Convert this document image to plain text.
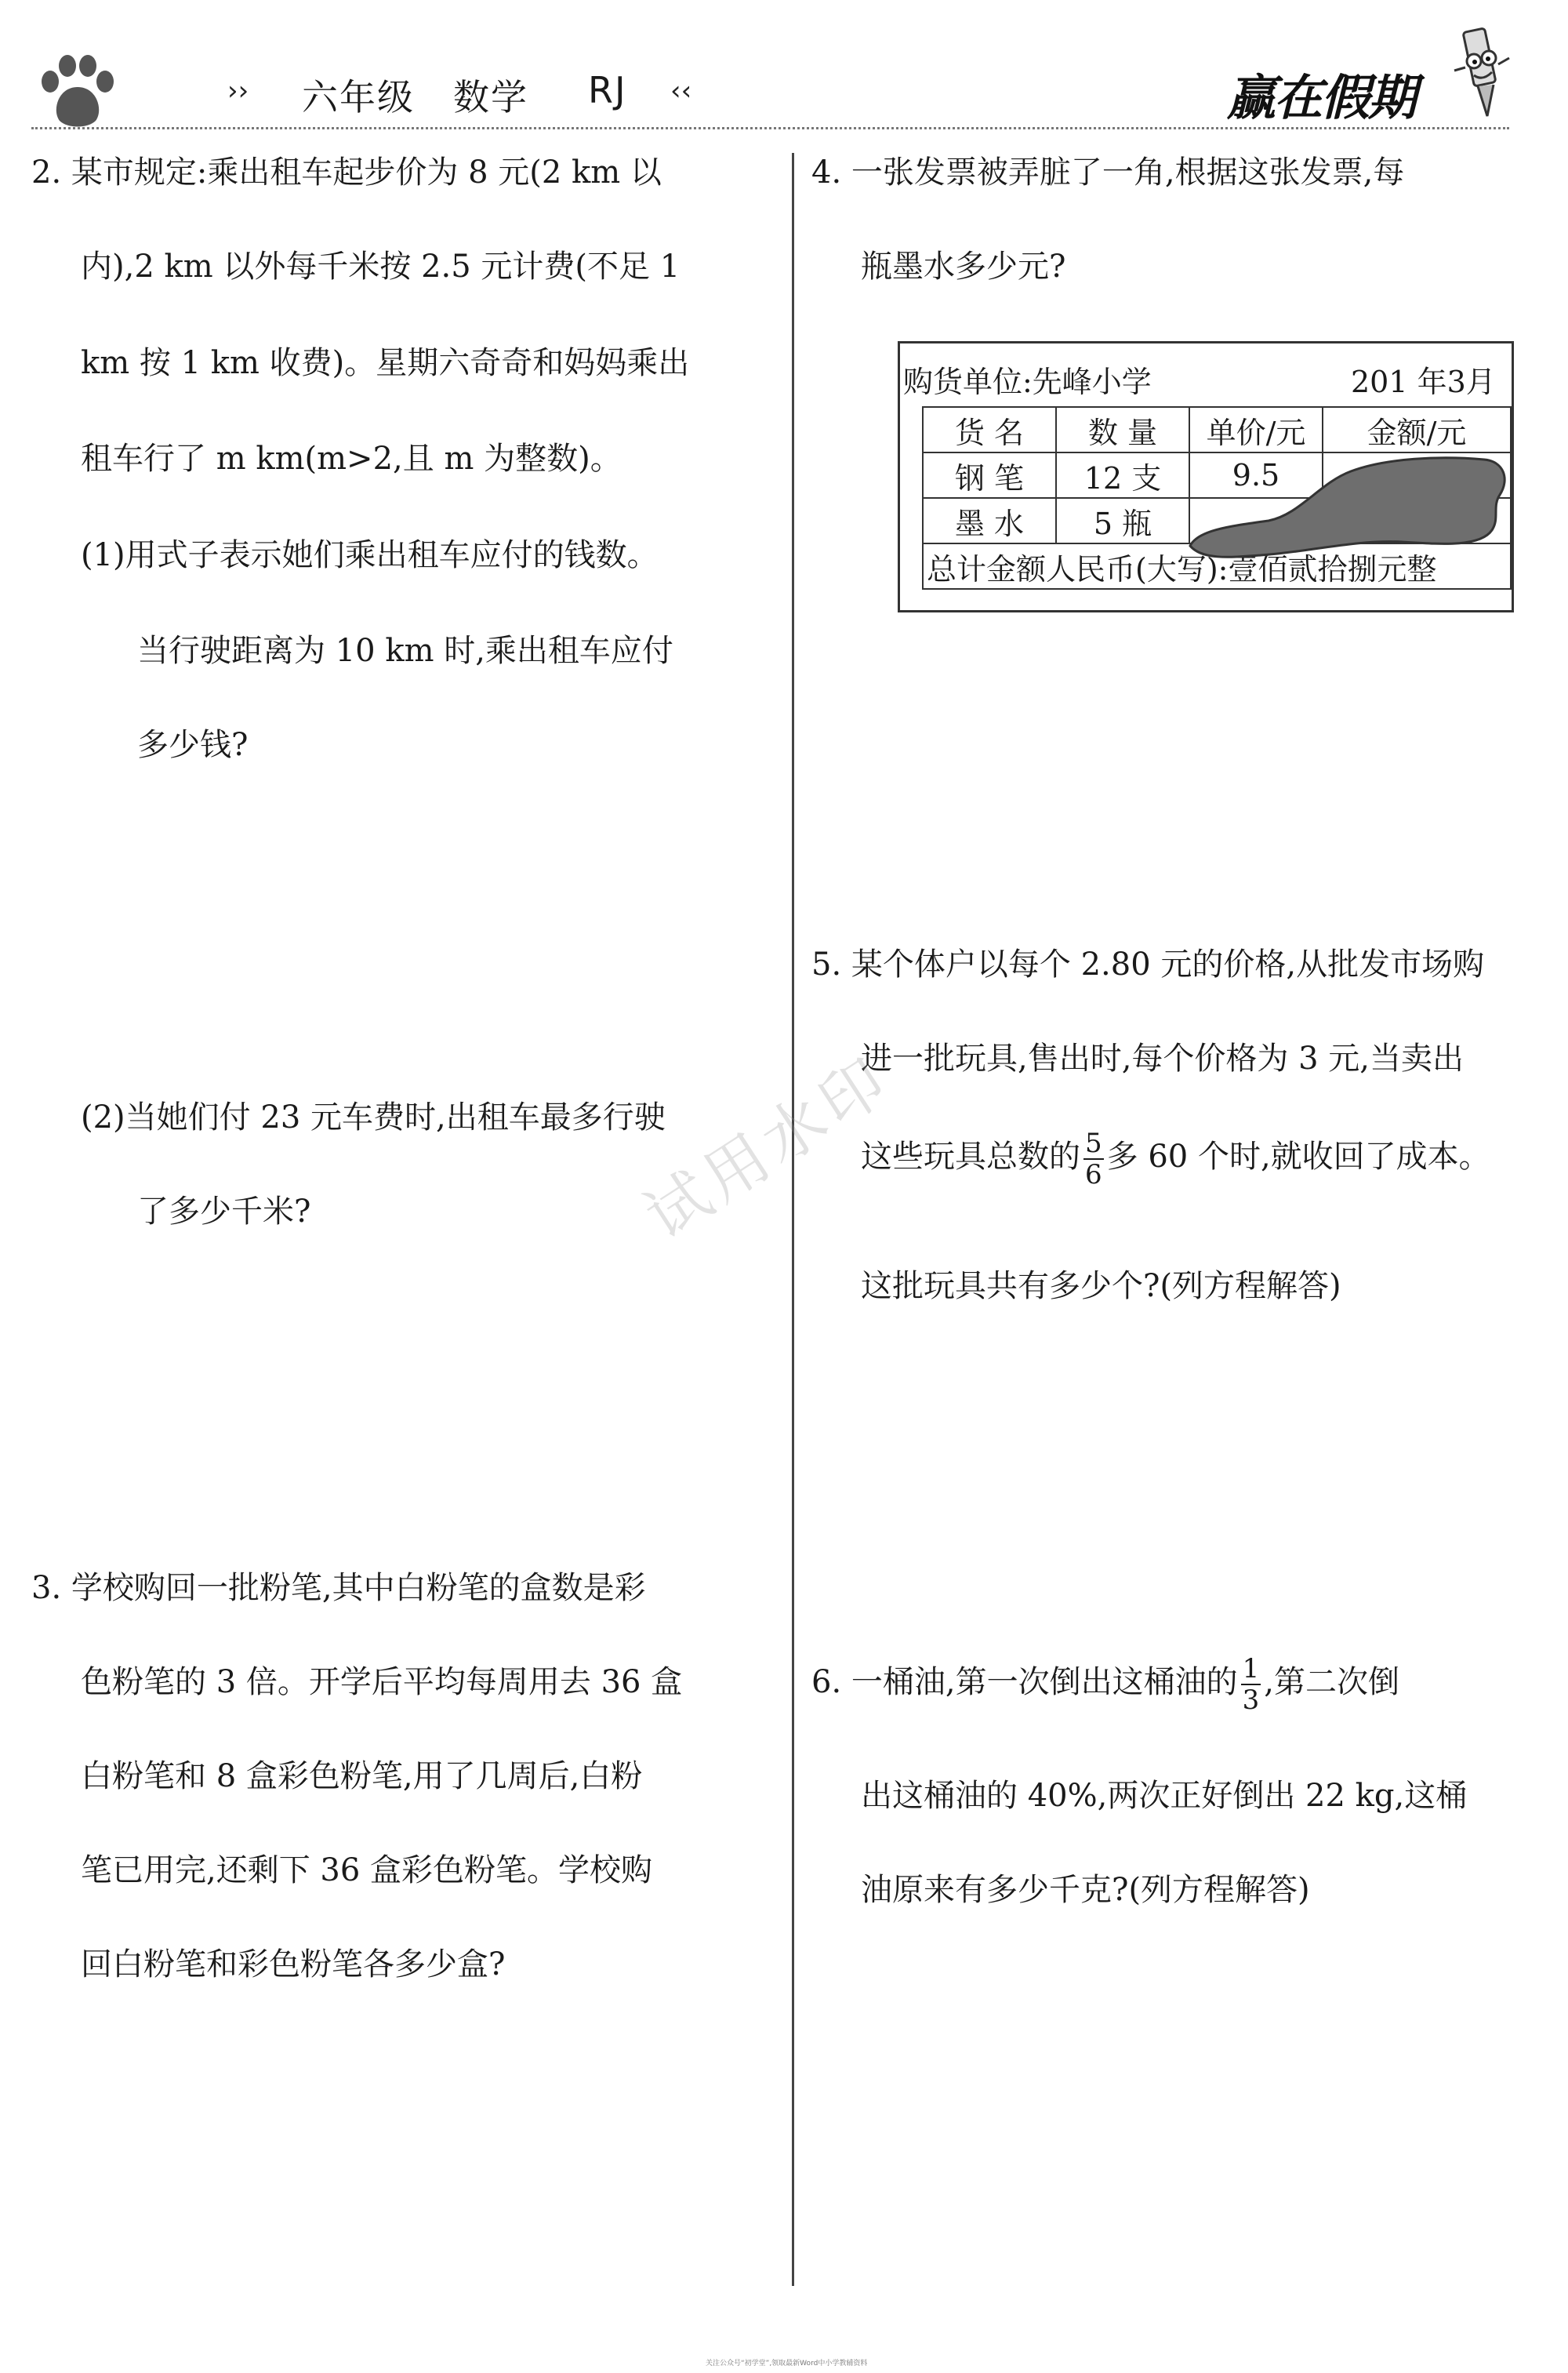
›› 六年级 数学 RJ ‹‹	赢在假期
2. 某市规定:乘出租车起步价为 8 元(2 km 以
内),2 km 以外每千米按 2.5 元计费(不足 1
km 按 1 km 收费)。星期六奇奇和妈妈乘出
租车行了 m km(m>2,且 m 为整数)。
(1)用式子表示她们乘出租车应付的钱数。
当行驶距离为 10 km 时,乘出租车应付
多少钱?
(2)当她们付 23 元车费时,出租车最多行驶
了多少千米?
3. 学校购回一批粉笔,其中白粉笔的盒数是彩
色粉笔的 3 倍。开学后平均每周用去 36 盒
白粉笔和 8 盒彩色粉笔,用了几周后,白粉
笔已用完,还剩下 36 盒彩色粉笔。学校购
回白粉笔和彩色粉笔各多少盒?
4. 一张发票被弄脏了一角,根据这张发票,每
瓶墨水多少元?
购货单位:先峰小学	201 年3月
货 名	数 量	单价/元	金额/元
钢 笔	12 支	9.5	
墨 水	5 瓶		
总计金额人民币(大写):壹佰贰拾捌元整			
5. 某个体户以每个 2.80 元的价格,从批发市场购
进一批玩具,售出时,每个价格为 3 元,当卖出
这些玩具总数的 $\frac{5}{6}$ 多 60 个时,就收回了成本。
这批玩具共有多少个?(列方程解答)
6. 一桶油,第一次倒出这桶油的 $\frac{1}{3}$ ,第二次倒
出这桶油的 40%,两次正好倒出 22 kg,这桶
油原来有多少千克?(列方程解答)
试用水印
关注公众号“初学堂”,领取最新Word中小学教辅资料
